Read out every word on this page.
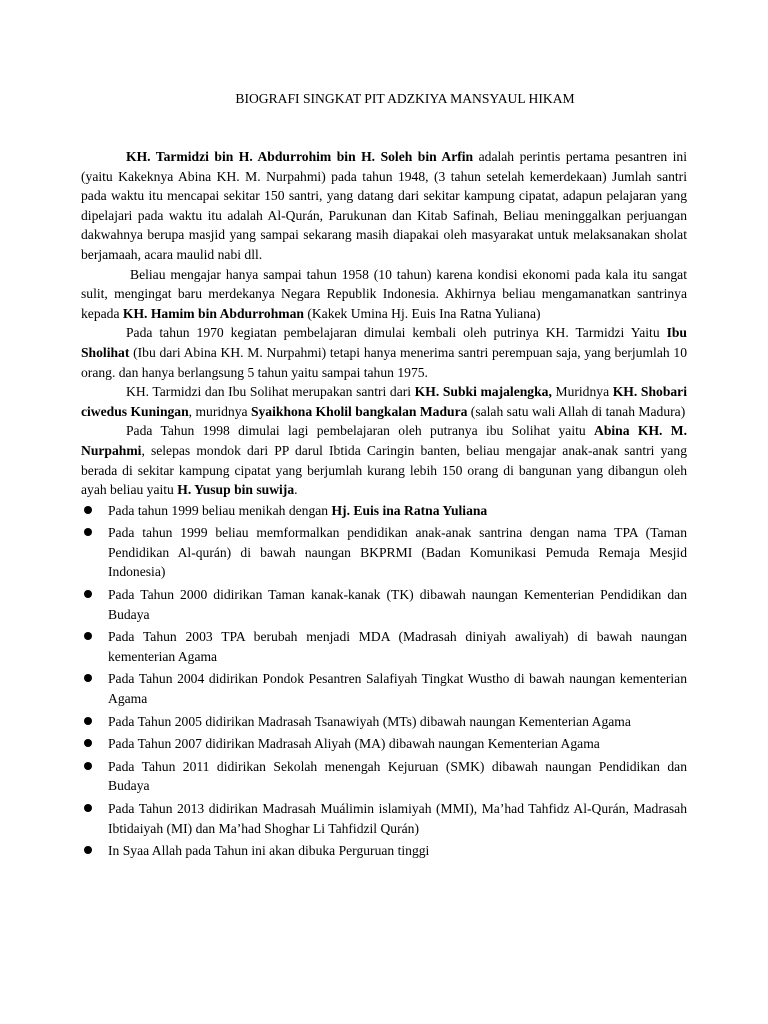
BIOGRAFI SINGKAT PIT ADZKIYA MANSYAUL HIKAM

KH. Tarmidzi bin H. Abdurrohim bin H. Soleh bin Arfin adalah perintis pertama pesantren ini (yaitu Kakeknya Abina KH. M. Nurpahmi) pada tahun 1948, (3 tahun setelah kemerdekaan) Jumlah santri pada waktu itu mencapai sekitar 150 santri, yang datang dari sekitar kampung cipatat, adapun pelajaran yang dipelajari pada waktu itu adalah Al-Qurán, Parukunan dan Kitab Safinah, Beliau meninggalkan perjuangan dakwahnya berupa masjid yang sampai sekarang masih diapakai oleh masyarakat untuk melaksanakan sholat berjamaah, acara maulid nabi dll.

Beliau mengajar hanya sampai tahun 1958 (10 tahun) karena kondisi ekonomi pada kala itu sangat sulit, mengingat baru merdekanya Negara Republik Indonesia. Akhirnya beliau mengamanatkan santrinya kepada KH. Hamim bin Abdurrohman (Kakek Umina Hj. Euis Ina Ratna Yuliana)

Pada tahun 1970 kegiatan pembelajaran dimulai kembali oleh putrinya KH. Tarmidzi Yaitu Ibu Sholihat (Ibu dari Abina KH. M. Nurpahmi) tetapi hanya menerima santri perempuan saja, yang berjumlah 10 orang. dan hanya berlangsung 5 tahun yaitu sampai tahun 1975.

KH. Tarmidzi dan Ibu Solihat merupakan santri dari KH. Subki majalengka, Muridnya KH. Shobari ciwedus Kuningan, muridnya Syaikhona Kholil bangkalan Madura (salah satu wali Allah di tanah Madura)

Pada Tahun 1998 dimulai lagi pembelajaran oleh putranya ibu Solihat yaitu Abina KH. M. Nurpahmi, selepas mondok dari PP darul Ibtida Caringin banten, beliau mengajar anak-anak santri yang berada di sekitar kampung cipatat yang berjumlah kurang lebih 150 orang di bangunan yang dibangun oleh ayah beliau yaitu H. Yusup bin suwija.

Pada tahun 1999 beliau menikah dengan Hj. Euis ina Ratna Yuliana
Pada tahun 1999 beliau memformalkan pendidikan anak-anak santrina dengan nama TPA (Taman Pendidikan Al-qurán) di bawah naungan BKPRMI (Badan Komunikasi Pemuda Remaja Mesjid Indonesia)
Pada Tahun 2000 didirikan Taman kanak-kanak (TK) dibawah naungan Kementerian Pendidikan dan Budaya
Pada Tahun 2003 TPA berubah menjadi MDA (Madrasah diniyah awaliyah) di bawah naungan kementerian Agama
Pada Tahun 2004 didirikan Pondok Pesantren Salafiyah Tingkat Wustho di bawah naungan kementerian Agama
Pada Tahun 2005 didirikan Madrasah Tsanawiyah (MTs) dibawah naungan Kementerian Agama
Pada Tahun 2007 didirikan Madrasah Aliyah (MA) dibawah naungan Kementerian Agama
Pada Tahun 2011 didirikan Sekolah menengah Kejuruan (SMK) dibawah naungan Pendidikan dan Budaya
Pada Tahun 2013 didirikan Madrasah Muálimin islamiyah (MMI), Ma’had Tahfidz Al-Qurán, Madrasah Ibtidaiyah (MI) dan Ma’had Shoghar Li Tahfidzil Qurán)
In Syaa Allah pada Tahun ini akan dibuka Perguruan tinggi
